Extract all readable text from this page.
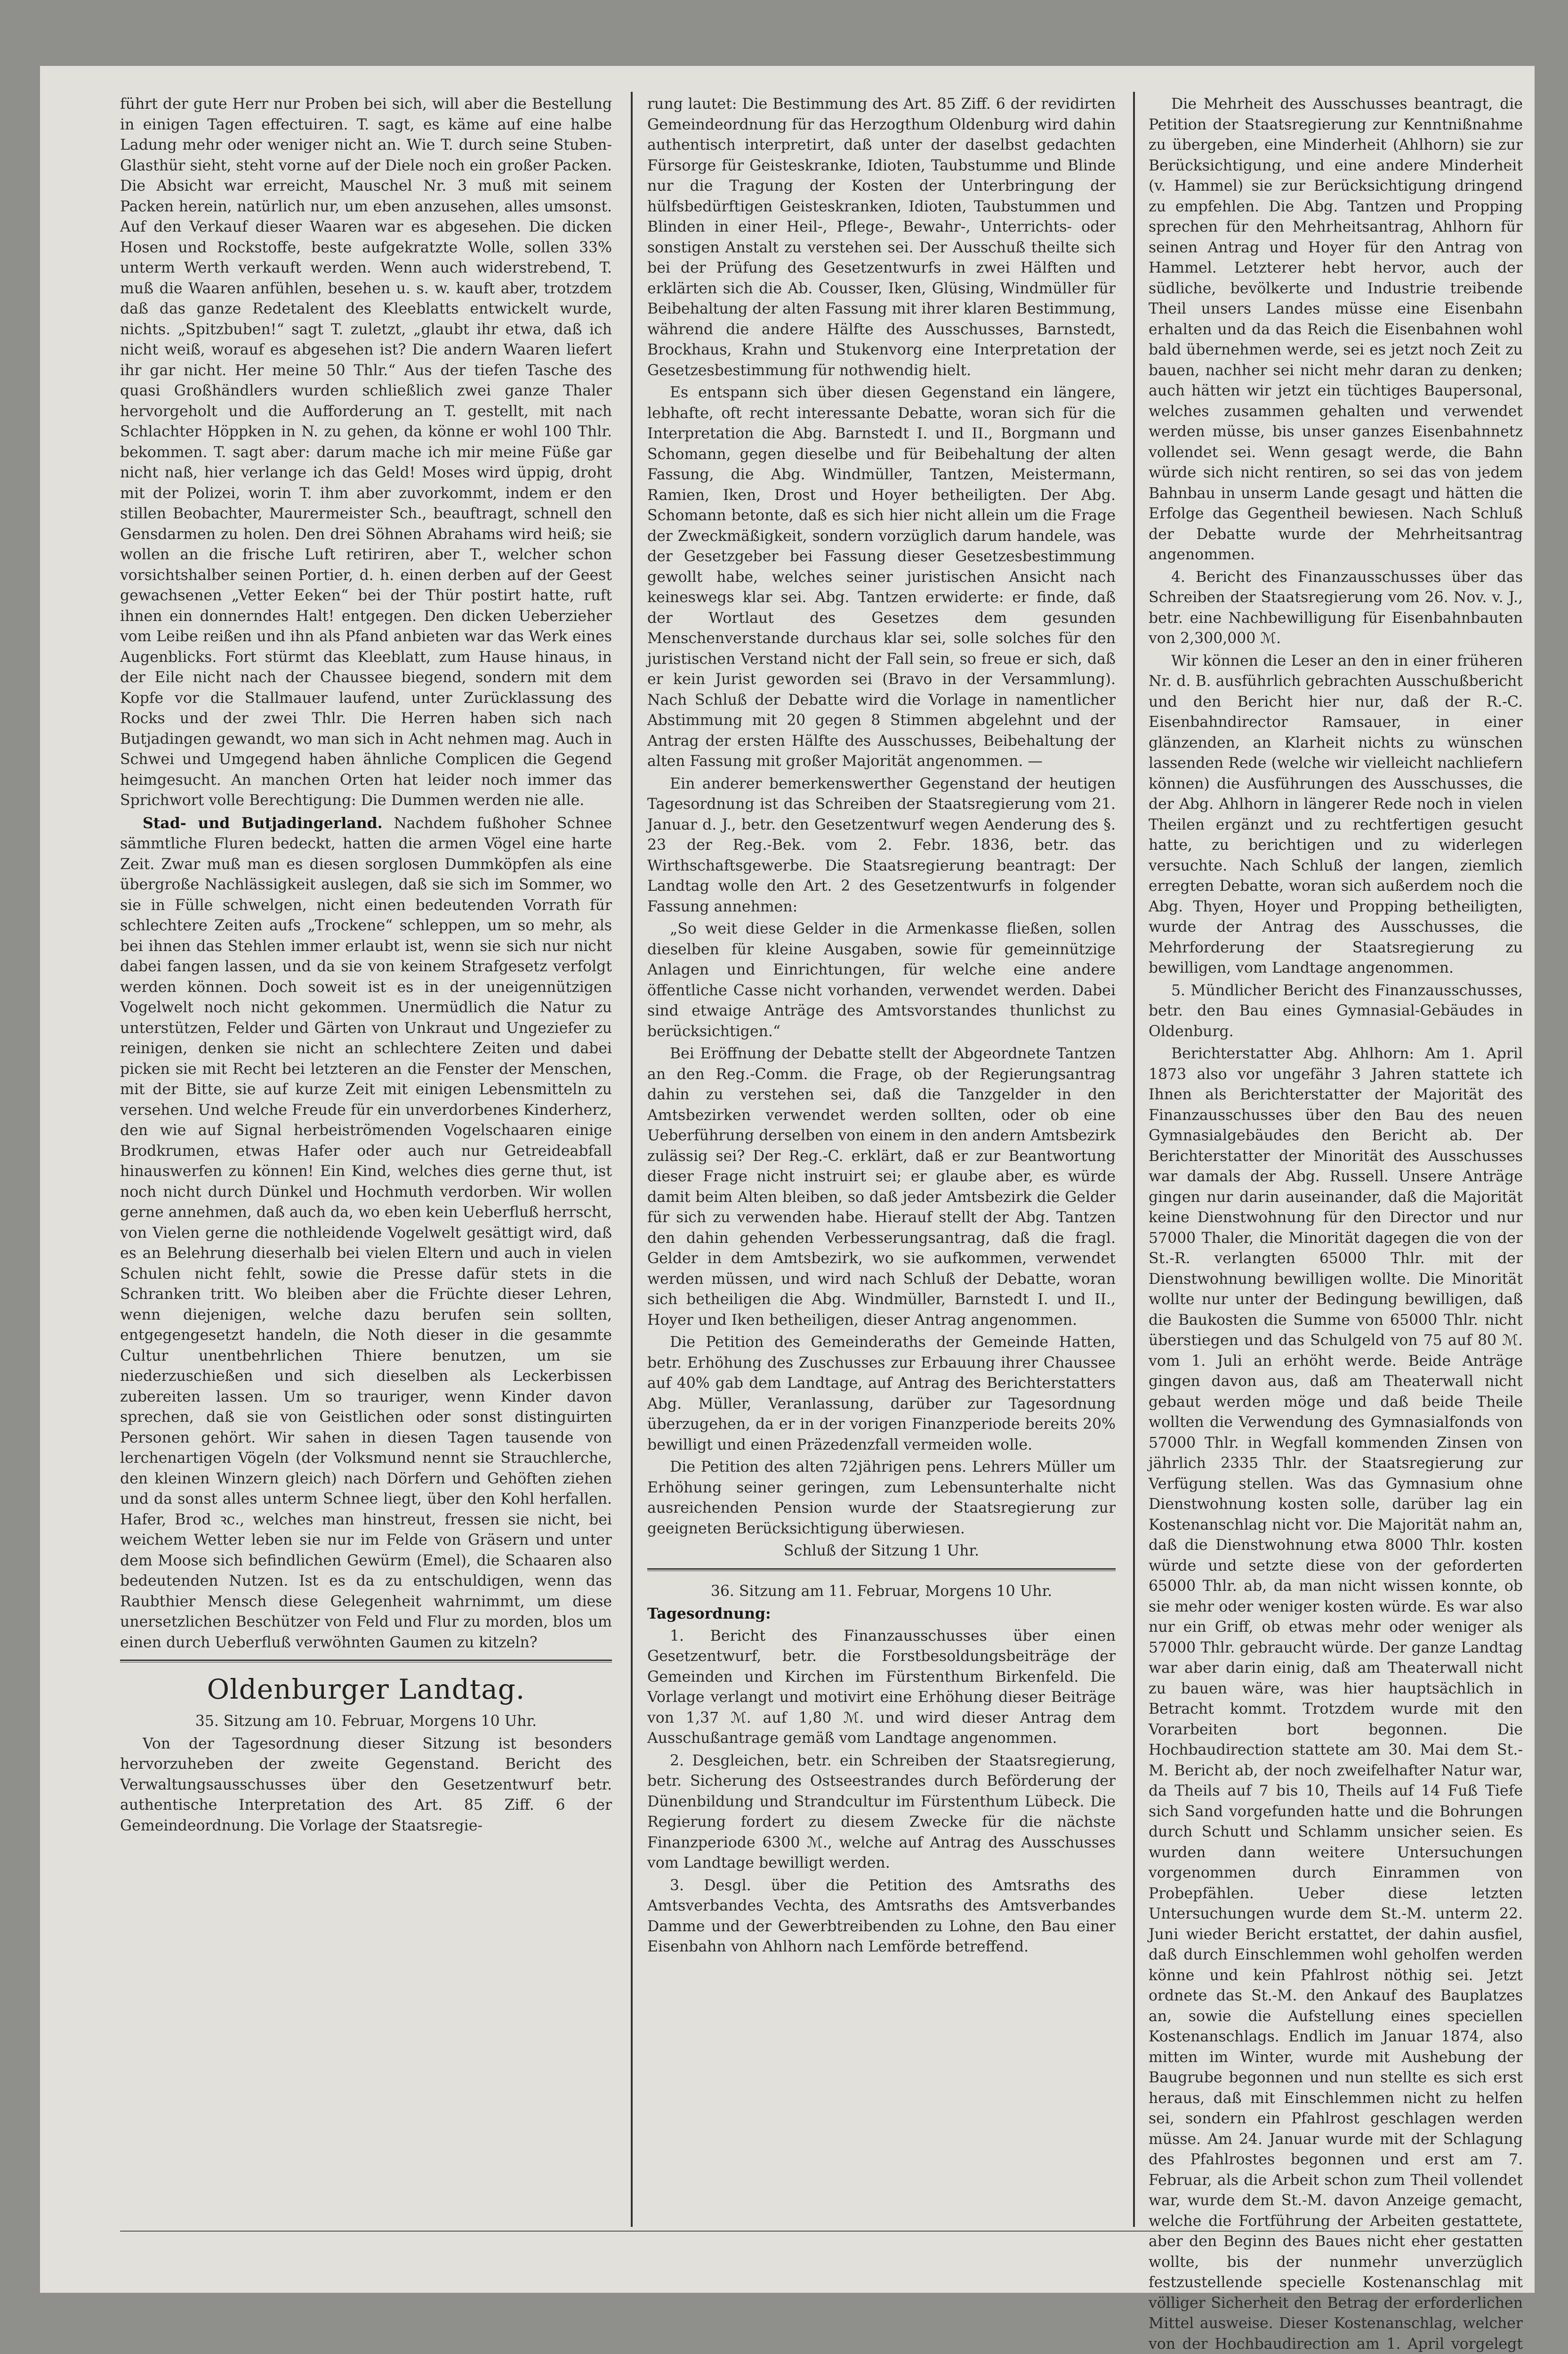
führt der gute Herr nur Proben bei sich, will aber die Bestellung in einigen Tagen effectuiren. T. sagt, es käme auf eine halbe Ladung mehr oder weniger nicht an. Wie T. durch seine Stuben-Glasthür sieht, steht vorne auf der Diele noch ein großer Packen. Die Absicht war erreicht, Mauschel Nr. 3 muß mit seinem Packen herein, natürlich nur, um eben anzusehen, alles umsonst. Auf den Verkauf dieser Waaren war es abgesehen. Die dicken Hosen und Rockstoffe, beste aufgekratzte Wolle, sollen 33% unterm Werth verkauft werden. Wenn auch widerstrebend, T. muß die Waaren anfühlen, besehen u. s. w. kauft aber, trotzdem daß das ganze Redetalent des Kleeblatts entwickelt wurde, nichts. „Spitzbuben!“ sagt T. zuletzt, „glaubt ihr etwa, daß ich nicht weiß, worauf es abgesehen ist? Die andern Waaren liefert ihr gar nicht. Her meine 50 Thlr.“ Aus der tiefen Tasche des quasi Großhändlers wurden schließlich zwei ganze Thaler hervorgeholt und die Aufforderung an T. gestellt, mit nach Schlachter Höppken in N. zu gehen, da könne er wohl 100 Thlr. bekommen. T. sagt aber: darum mache ich mir meine Füße gar nicht naß, hier verlange ich das Geld! Moses wird üppig, droht mit der Polizei, worin T. ihm aber zuvorkommt, indem er den stillen Beobachter, Maurermeister Sch., beauftragt, schnell den Gensdarmen zu holen. Den drei Söhnen Abrahams wird heiß; sie wollen an die frische Luft retiriren, aber T., welcher schon vorsichtshalber seinen Portier, d. h. einen derben auf der Geest gewachsenen „Vetter Eeken“ bei der Thür postirt hatte, ruft ihnen ein donnerndes Halt! entgegen. Den dicken Ueberzieher vom Leibe reißen und ihn als Pfand anbieten war das Werk eines Augenblicks. Fort stürmt das Kleeblatt, zum Hause hinaus, in der Eile nicht nach der Chaussee biegend, sondern mit dem Kopfe vor die Stallmauer laufend, unter Zurücklassung des Rocks und der zwei Thlr. Die Herren haben sich nach Butjadingen gewandt, wo man sich in Acht nehmen mag. Auch in Schwei und Umgegend haben ähnliche Complicen die Gegend heimgesucht. An manchen Orten hat leider noch immer das Sprichwort volle Berechtigung: Die Dummen werden nie alle.

Stad- und Butjadingerland. Nachdem fußhoher Schnee sämmtliche Fluren bedeckt, hatten die armen Vögel eine harte Zeit. Zwar muß man es diesen sorglosen Dummköpfen als eine übergroße Nachlässigkeit auslegen, daß sie sich im Sommer, wo sie in Fülle schwelgen, nicht einen bedeutenden Vorrath für schlechtere Zeiten aufs „Trockene“ schleppen, um so mehr, als bei ihnen das Stehlen immer erlaubt ist, wenn sie sich nur nicht dabei fangen lassen, und da sie von keinem Strafgesetz verfolgt werden können. Doch soweit ist es in der uneigennützigen Vogelwelt noch nicht gekommen. Unermüdlich die Natur zu unterstützen, Felder und Gärten von Unkraut und Ungeziefer zu reinigen, denken sie nicht an schlechtere Zeiten und dabei picken sie mit Recht bei letzteren an die Fenster der Menschen, mit der Bitte, sie auf kurze Zeit mit einigen Lebensmitteln zu versehen. Und welche Freude für ein unverdorbenes Kinderherz, den wie auf Signal herbeiströmenden Vogelschaaren einige Brodkrumen, etwas Hafer oder auch nur Getreideabfall hinauswerfen zu können! Ein Kind, welches dies gerne thut, ist noch nicht durch Dünkel und Hochmuth verdorben. Wir wollen gerne annehmen, daß auch da, wo eben kein Ueberfluß herrscht, von Vielen gerne die nothleidende Vogelwelt gesättigt wird, daß es an Belehrung dieserhalb bei vielen Eltern und auch in vielen Schulen nicht fehlt, sowie die Presse dafür stets in die Schranken tritt. Wo bleiben aber die Früchte dieser Lehren, wenn diejenigen, welche dazu berufen sein sollten, entgegengesetzt handeln, die Noth dieser in die gesammte Cultur unentbehrlichen Thiere benutzen, um sie niederzuschießen und sich dieselben als Leckerbissen zubereiten lassen. Um so trauriger, wenn Kinder davon sprechen, daß sie von Geistlichen oder sonst distinguirten Personen gehört. Wir sahen in diesen Tagen tausende von lerchenartigen Vögeln (der Volksmund nennt sie Strauchlerche, den kleinen Winzern gleich) nach Dörfern und Gehöften ziehen und da sonst alles unterm Schnee liegt, über den Kohl herfallen. Hafer, Brod ꝛc., welches man hinstreut, fressen sie nicht, bei weichem Wetter leben sie nur im Felde von Gräsern und unter dem Moose sich befindlichen Gewürm (Emel), die Schaaren also bedeutenden Nutzen. Ist es da zu entschuldigen, wenn das Raubthier Mensch diese Gelegenheit wahrnimmt, um diese unersetzlichen Beschützer von Feld und Flur zu morden, blos um einen durch Ueberfluß verwöhnten Gaumen zu kitzeln?

Oldenburger Landtag.

35. Sitzung am 10. Februar, Morgens 10 Uhr.

Von der Tagesordnung dieser Sitzung ist besonders hervorzuheben der zweite Gegenstand. Bericht des Verwaltungsausschusses über den Gesetzentwurf betr. authentische Interpretation des Art. 85 Ziff. 6 der Gemeindeordnung. Die Vorlage der Staatsregie-

rung lautet: Die Bestimmung des Art. 85 Ziff. 6 der revidirten Gemeindeordnung für das Herzogthum Oldenburg wird dahin authentisch interpretirt, daß unter der daselbst gedachten Fürsorge für Geisteskranke, Idioten, Taubstumme und Blinde nur die Tragung der Kosten der Unterbringung der hülfsbedürftigen Geisteskranken, Idioten, Taubstummen und Blinden in einer Heil-, Pflege-, Bewahr-, Unterrichts- oder sonstigen Anstalt zu verstehen sei. Der Ausschuß theilte sich bei der Prüfung des Gesetzentwurfs in zwei Hälften und erklärten sich die Ab. Cousser, Iken, Glüsing, Windmüller für Beibehaltung der alten Fassung mit ihrer klaren Bestimmung, während die andere Hälfte des Ausschusses, Barnstedt, Brockhaus, Krahn und Stukenvorg eine Interpretation der Gesetzesbestimmung für nothwendig hielt.

Es entspann sich über diesen Gegenstand ein längere, lebhafte, oft recht interessante Debatte, woran sich für die Interpretation die Abg. Barnstedt I. und II., Borgmann und Schomann, gegen dieselbe und für Beibehaltung der alten Fassung, die Abg. Windmüller, Tantzen, Meistermann, Ramien, Iken, Drost und Hoyer betheiligten. Der Abg. Schomann betonte, daß es sich hier nicht allein um die Frage der Zweckmäßigkeit, sondern vorzüglich darum handele, was der Gesetzgeber bei Fassung dieser Gesetzesbestimmung gewollt habe, welches seiner juristischen Ansicht nach keineswegs klar sei. Abg. Tantzen erwiderte: er finde, daß der Wortlaut des Gesetzes dem gesunden Menschenverstande durchaus klar sei, solle solches für den juristischen Verstand nicht der Fall sein, so freue er sich, daß er kein Jurist geworden sei (Bravo in der Versammlung). Nach Schluß der Debatte wird die Vorlage in namentlicher Abstimmung mit 20 gegen 8 Stimmen abgelehnt und der Antrag der ersten Hälfte des Ausschusses, Beibehaltung der alten Fassung mit großer Majorität angenommen. —

Ein anderer bemerkenswerther Gegenstand der heutigen Tagesordnung ist das Schreiben der Staatsregierung vom 21. Januar d. J., betr. den Gesetzentwurf wegen Aenderung des §. 23 der Reg.-Bek. vom 2. Febr. 1836, betr. das Wirthschaftsgewerbe. Die Staatsregierung beantragt: Der Landtag wolle den Art. 2 des Gesetzentwurfs in folgender Fassung annehmen:

„So weit diese Gelder in die Armenkasse fließen, sollen dieselben für kleine Ausgaben, sowie für gemeinnützige Anlagen und Einrichtungen, für welche eine andere öffentliche Casse nicht vorhanden, verwendet werden. Dabei sind etwaige Anträge des Amtsvorstandes thunlichst zu berücksichtigen.“

Bei Eröffnung der Debatte stellt der Abgeordnete Tantzen an den Reg.-Comm. die Frage, ob der Regierungsantrag dahin zu verstehen sei, daß die Tanzgelder in den Amtsbezirken verwendet werden sollten, oder ob eine Ueberführung derselben von einem in den andern Amtsbezirk zulässig sei? Der Reg.-C. erklärt, daß er zur Beantwortung dieser Frage nicht instruirt sei; er glaube aber, es würde damit beim Alten bleiben, so daß jeder Amtsbezirk die Gelder für sich zu verwenden habe. Hierauf stellt der Abg. Tantzen den dahin gehenden Verbesserungsantrag, daß die fragl. Gelder in dem Amtsbezirk, wo sie aufkommen, verwendet werden müssen, und wird nach Schluß der Debatte, woran sich betheiligen die Abg. Windmüller, Barnstedt I. und II., Hoyer und Iken betheiligen, dieser Antrag angenommen.

Die Petition des Gemeinderaths der Gemeinde Hatten, betr. Erhöhung des Zuschusses zur Erbauung ihrer Chaussee auf 40% gab dem Landtage, auf Antrag des Berichterstatters Abg. Müller, Veranlassung, darüber zur Tagesordnung überzugehen, da er in der vorigen Finanzperiode bereits 20% bewilligt und einen Präzedenzfall vermeiden wolle.

Die Petition des alten 72jährigen pens. Lehrers Müller um Erhöhung seiner geringen, zum Lebensunterhalte nicht ausreichenden Pension wurde der Staatsregierung zur geeigneten Berücksichtigung überwiesen.

Schluß der Sitzung 1 Uhr.

36. Sitzung am 11. Februar, Morgens 10 Uhr.

Tagesordnung:

1. Bericht des Finanzausschusses über einen Gesetzentwurf, betr. die Forstbesoldungsbeiträge der Gemeinden und Kirchen im Fürstenthum Birkenfeld. Die Vorlage verlangt und motivirt eine Erhöhung dieser Beiträge von 1,37 ℳ. auf 1,80 ℳ. und wird dieser Antrag dem Ausschußantrage gemäß vom Landtage angenommen.

2. Desgleichen, betr. ein Schreiben der Staatsregierung, betr. Sicherung des Ostseestrandes durch Beförderung der Dünenbildung und Strandcultur im Fürstenthum Lübeck. Die Regierung fordert zu diesem Zwecke für die nächste Finanzperiode 6300 ℳ., welche auf Antrag des Ausschusses vom Landtage bewilligt werden.

3. Desgl. über die Petition des Amtsraths des Amtsverbandes Vechta, des Amtsraths des Amtsverbandes Damme und der Gewerbtreibenden zu Lohne, den Bau einer Eisenbahn von Ahlhorn nach Lemförde betreffend.

Die Mehrheit des Ausschusses beantragt, die Petition der Staatsregierung zur Kenntnißnahme zu übergeben, eine Minderheit (Ahlhorn) sie zur Berücksichtigung, und eine andere Minderheit (v. Hammel) sie zur Berücksichtigung dringend zu empfehlen. Die Abg. Tantzen und Propping sprechen für den Mehrheitsantrag, Ahlhorn für seinen Antrag und Hoyer für den Antrag von Hammel. Letzterer hebt hervor, auch der südliche, bevölkerte und Industrie treibende Theil unsers Landes müsse eine Eisenbahn erhalten und da das Reich die Eisenbahnen wohl bald übernehmen werde, sei es jetzt noch Zeit zu bauen, nachher sei nicht mehr daran zu denken; auch hätten wir jetzt ein tüchtiges Baupersonal, welches zusammen gehalten und verwendet werden müsse, bis unser ganzes Eisenbahnnetz vollendet sei. Wenn gesagt werde, die Bahn würde sich nicht rentiren, so sei das von jedem Bahnbau in unserm Lande gesagt und hätten die Erfolge das Gegentheil bewiesen. Nach Schluß der Debatte wurde der Mehrheitsantrag angenommen.

4. Bericht des Finanzausschusses über das Schreiben der Staatsregierung vom 26. Nov. v. J., betr. eine Nachbewilligung für Eisenbahnbauten von 2,300,000 ℳ.

Wir können die Leser an den in einer früheren Nr. d. B. ausführlich gebrachten Ausschußbericht und den Bericht hier nur, daß der R.-C. Eisenbahndirector Ramsauer, in einer glänzenden, an Klarheit nichts zu wünschen lassenden Rede (welche wir vielleicht nachliefern können) die Ausführungen des Ausschusses, die der Abg. Ahlhorn in längerer Rede noch in vielen Theilen ergänzt und zu rechtfertigen gesucht hatte, zu berichtigen und zu widerlegen versuchte. Nach Schluß der langen, ziemlich erregten Debatte, woran sich außerdem noch die Abg. Thyen, Hoyer und Propping betheiligten, wurde der Antrag des Ausschusses, die Mehrforderung der Staatsregierung zu bewilligen, vom Landtage angenommen.

5. Mündlicher Bericht des Finanzausschusses, betr. den Bau eines Gymnasial-Gebäudes in Oldenburg.

Berichterstatter Abg. Ahlhorn: Am 1. April 1873 also vor ungefähr 3 Jahren stattete ich Ihnen als Berichterstatter der Majorität des Finanzausschusses über den Bau des neuen Gymnasialgebäudes den Bericht ab. Der Berichterstatter der Minorität des Ausschusses war damals der Abg. Russell. Unsere Anträge gingen nur darin auseinander, daß die Majorität keine Dienstwohnung für den Director und nur 57000 Thaler, die Minorität dagegen die von der St.-R. verlangten 65000 Thlr. mit der Dienstwohnung bewilligen wollte. Die Minorität wollte nur unter der Bedingung bewilligen, daß die Baukosten die Summe von 65000 Thlr. nicht überstiegen und das Schulgeld von 75 auf 80 ℳ. vom 1. Juli an erhöht werde. Beide Anträge gingen davon aus, daß am Theaterwall nicht gebaut werden möge und daß beide Theile wollten die Verwendung des Gymnasialfonds von 57000 Thlr. in Wegfall kommenden Zinsen von jährlich 2335 Thlr. der Staatsregierung zur Verfügung stellen. Was das Gymnasium ohne Dienstwohnung kosten solle, darüber lag ein Kostenanschlag nicht vor. Die Majorität nahm an, daß die Dienstwohnung etwa 8000 Thlr. kosten würde und setzte diese von der geforderten 65000 Thlr. ab, da man nicht wissen konnte, ob sie mehr oder weniger kosten würde. Es war also nur ein Griff, ob etwas mehr oder weniger als 57000 Thlr. gebraucht würde. Der ganze Landtag war aber darin einig, daß am Theaterwall nicht zu bauen wäre, was hier hauptsächlich in Betracht kommt. Trotzdem wurde mit den Vorarbeiten bort begonnen. Die Hochbaudirection stattete am 30. Mai dem St.-M. Bericht ab, der noch zweifelhafter Natur war, da Theils auf 7 bis 10, Theils auf 14 Fuß Tiefe sich Sand vorgefunden hatte und die Bohrungen durch Schutt und Schlamm unsicher seien. Es wurden dann weitere Untersuchungen vorgenommen durch Einrammen von Probepfählen. Ueber diese letzten Untersuchungen wurde dem St.-M. unterm 22. Juni wieder Bericht erstattet, der dahin ausfiel, daß durch Einschlemmen wohl geholfen werden könne und kein Pfahlrost nöthig sei. Jetzt ordnete das St.-M. den Ankauf des Bauplatzes an, sowie die Aufstellung eines speciellen Kostenanschlags. Endlich im Januar 1874, also mitten im Winter, wurde mit Aushebung der Baugrube begonnen und nun stellte es sich erst heraus, daß mit Einschlemmen nicht zu helfen sei, sondern ein Pfahlrost geschlagen werden müsse. Am 24. Januar wurde mit der Schlagung des Pfahlrostes begonnen und erst am 7. Februar, als die Arbeit schon zum Theil vollendet war, wurde dem St.-M. davon Anzeige gemacht, welche die Fortführung der Arbeiten gestattete, aber den Beginn des Baues nicht eher gestatten wollte, bis der nunmehr unverzüglich festzustellende specielle Kostenanschlag mit völliger Sicherheit den Betrag der erforderlichen Mittel ausweise. Dieser Kostenanschlag, welcher von der Hochbaudirection am 1. April vorgelegt
